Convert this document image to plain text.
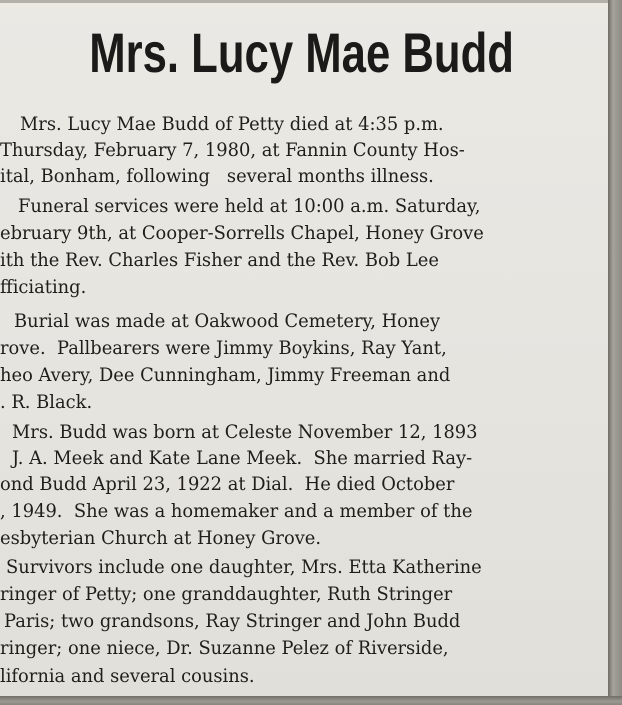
Mrs. Lucy Mae Budd
Mrs. Lucy Mae Budd of Petty died at 4:35 p.m.
Thursday, February 7, 1980, at Fannin County Hos-
ital, Bonham, following   several months illness.
Funeral services were held at 10:00 a.m. Saturday,
ebruary 9th, at Cooper-Sorrells Chapel, Honey Grove
ith the Rev. Charles Fisher and the Rev. Bob Lee
fficiating.
Burial was made at Oakwood Cemetery, Honey
rove.  Pallbearers were Jimmy Boykins, Ray Yant,
heo Avery, Dee Cunningham, Jimmy Freeman and
. R. Black.
Mrs. Budd was born at Celeste November 12, 1893
J. A. Meek and Kate Lane Meek.  She married Ray-
ond Budd April 23, 1922 at Dial.  He died October
, 1949.  She was a homemaker and a member of the
esbyterian Church at Honey Grove.
Survivors include one daughter, Mrs. Etta Katherine
ringer of Petty; one granddaughter, Ruth Stringer
Paris; two grandsons, Ray Stringer and John Budd
ringer; one niece, Dr. Suzanne Pelez of Riverside,
lifornia and several cousins.
